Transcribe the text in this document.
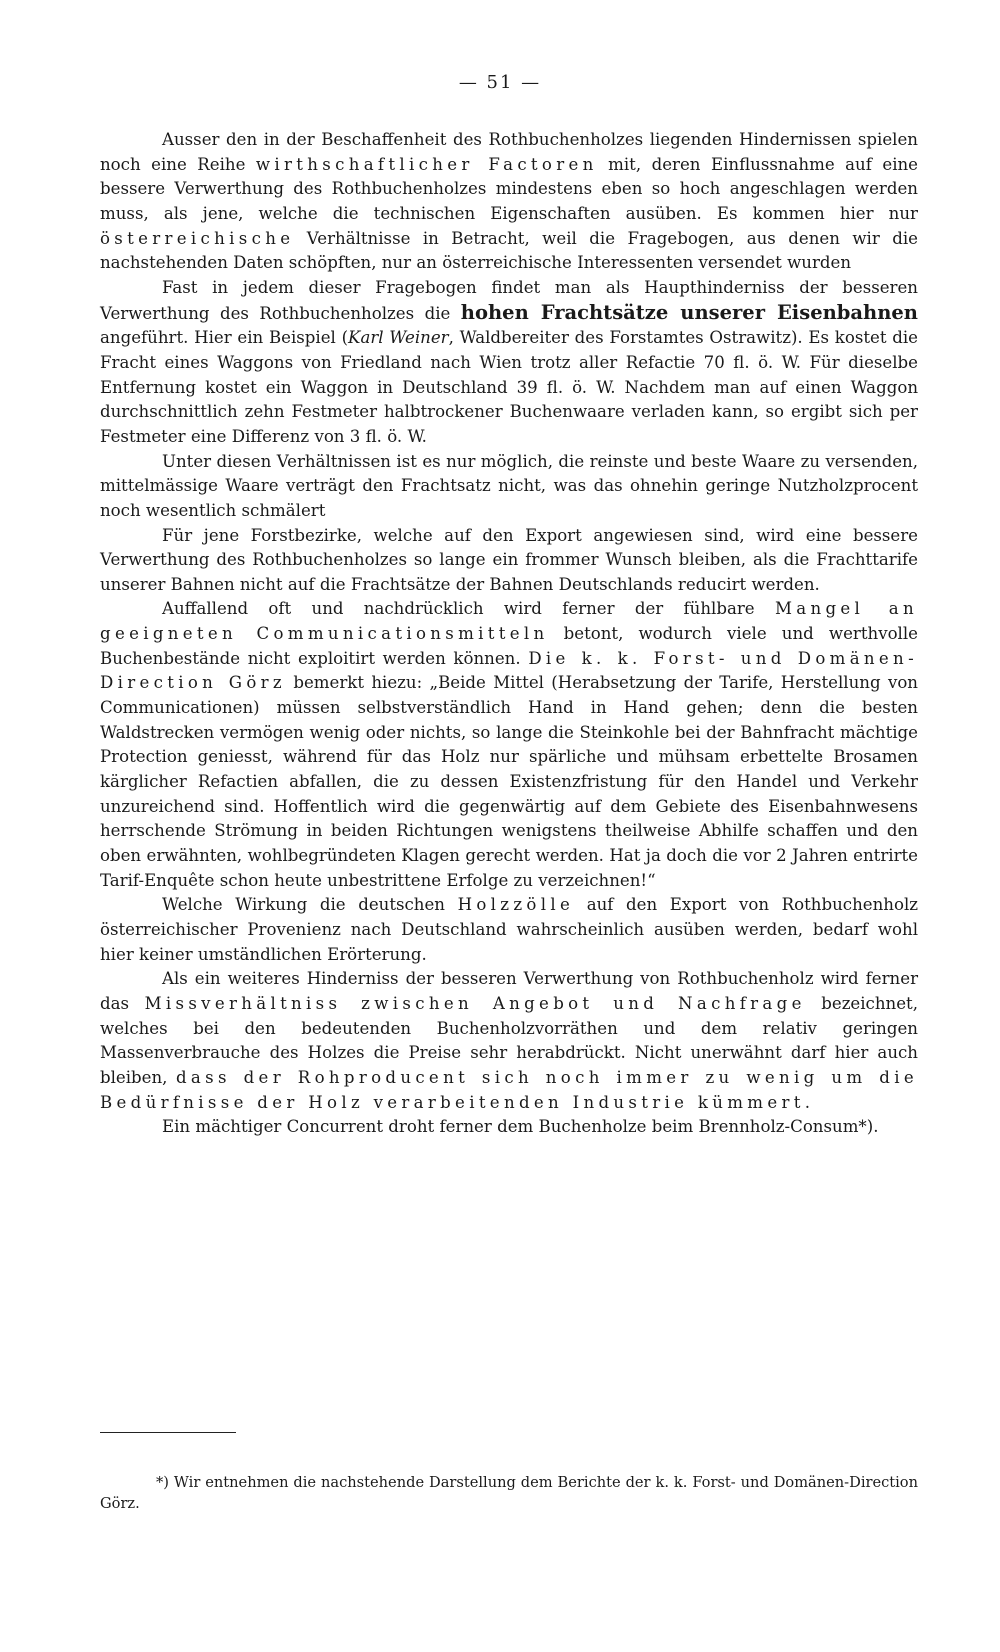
— 51 —

Ausser den in der Beschaffenheit des Rothbuchenholzes liegenden Hindernissen spielen noch eine Reihe wirthschaftlicher Factoren mit, deren Einflussnahme auf eine bessere Verwerthung des Rothbuchenholzes mindestens eben so hoch angeschlagen werden muss, als jene, welche die technischen Eigenschaften ausüben. Es kommen hier nur österreichische Verhältnisse in Betracht, weil die Fragebogen, aus denen wir die nachstehenden Daten schöpften, nur an österreichische Interessenten versendet wurden

Fast in jedem dieser Fragebogen findet man als Haupthinderniss der besseren Verwerthung des Rothbuchenholzes die hohen Frachtsätze unserer Eisenbahnen angeführt. Hier ein Beispiel (Karl Weiner, Waldbereiter des Forstamtes Ostrawitz). Es kostet die Fracht eines Waggons von Friedland nach Wien trotz aller Refactie 70 fl. ö. W. Für dieselbe Entfernung kostet ein Waggon in Deutschland 39 fl. ö. W. Nachdem man auf einen Waggon durchschnittlich zehn Festmeter halbtrockener Buchenwaare verladen kann, so ergibt sich per Festmeter eine Differenz von 3 fl. ö. W.

Unter diesen Verhältnissen ist es nur möglich, die reinste und beste Waare zu versenden, mittelmässige Waare verträgt den Frachtsatz nicht, was das ohnehin geringe Nutzholzprocent noch wesentlich schmälert

Für jene Forstbezirke, welche auf den Export angewiesen sind, wird eine bessere Verwerthung des Rothbuchenholzes so lange ein frommer Wunsch bleiben, als die Frachttarife unserer Bahnen nicht auf die Frachtsätze der Bahnen Deutschlands reducirt werden.

Auffallend oft und nachdrücklich wird ferner der fühlbare Mangel an geeigneten Communicationsmitteln betont, wodurch viele und werthvolle Buchenbestände nicht exploitirt werden können. Die k. k. Forst- und Domänen-Direction Görz bemerkt hiezu: „Beide Mittel (Herabsetzung der Tarife, Herstellung von Communicationen) müssen selbstverständlich Hand in Hand gehen; denn die besten Waldstrecken vermögen wenig oder nichts, so lange die Steinkohle bei der Bahnfracht mächtige Protection geniesst, während für das Holz nur spärliche und mühsam erbettelte Brosamen kärglicher Refactien abfallen, die zu dessen Existenzfristung für den Handel und Verkehr unzureichend sind. Hoffentlich wird die gegenwärtig auf dem Gebiete des Eisenbahnwesens herrschende Strömung in beiden Richtungen wenigstens theilweise Abhilfe schaffen und den oben erwähnten, wohlbegründeten Klagen gerecht werden. Hat ja doch die vor 2 Jahren entrirte Tarif-Enquête schon heute unbestrittene Erfolge zu verzeichnen!“

Welche Wirkung die deutschen Holzzölle auf den Export von Rothbuchenholz österreichischer Provenienz nach Deutschland wahrscheinlich ausüben werden, bedarf wohl hier keiner umständlichen Erörterung.

Als ein weiteres Hinderniss der besseren Verwerthung von Rothbuchenholz wird ferner das Missverhältniss zwischen Angebot und Nachfrage bezeichnet, welches bei den bedeutenden Buchenholzvorräthen und dem relativ geringen Massenverbrauche des Holzes die Preise sehr herabdrückt. Nicht unerwähnt darf hier auch bleiben, dass der Rohproducent sich noch immer zu wenig um die Bedürfnisse der Holz verarbeitenden Industrie kümmert.

Ein mächtiger Concurrent droht ferner dem Buchenholze beim Brennholz-Consum*).

*) Wir entnehmen die nachstehende Darstellung dem Berichte der k. k. Forst- und Domänen-Direction Görz.
